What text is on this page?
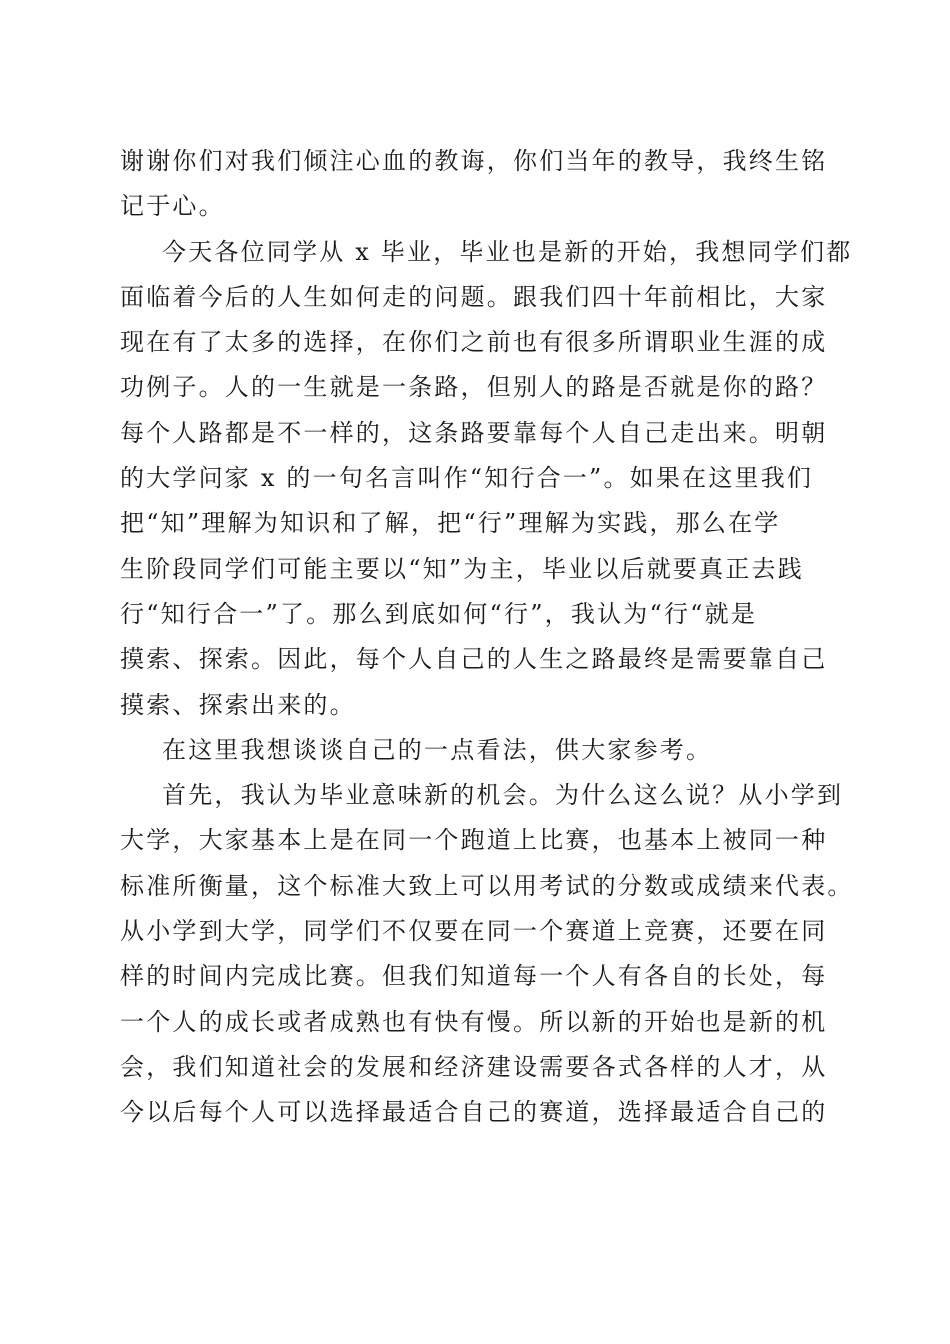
谢谢你们对我们倾注心血的教诲，你们当年的教导，我终生铭
记于心。
今天各位同学从 x 毕业，毕业也是新的开始，我想同学们都
面临着今后的人生如何走的问题。跟我们四十年前相比，大家
现在有了太多的选择，在你们之前也有很多所谓职业生涯的成
功例子。人的一生就是一条路，但别人的路是否就是你的路？
每个人路都是不一样的，这条路要靠每个人自己走出来。明朝
的大学问家 x 的一句名言叫作“知行合一”。如果在这里我们
把“知”理解为知识和了解，把“行”理解为实践，那么在学
生阶段同学们可能主要以“知”为主，毕业以后就要真正去践
行“知行合一”了。那么到底如何“行”，我认为“行“就是
摸索、探索。因此，每个人自己的人生之路最终是需要靠自己
摸索、探索出来的。
在这里我想谈谈自己的一点看法，供大家参考。
首先，我认为毕业意味新的机会。为什么这么说？从小学到
大学，大家基本上是在同一个跑道上比赛，也基本上被同一种
标准所衡量，这个标准大致上可以用考试的分数或成绩来代表。
从小学到大学，同学们不仅要在同一个赛道上竞赛，还要在同
样的时间内完成比赛。但我们知道每一个人有各自的长处，每
一个人的成长或者成熟也有快有慢。所以新的开始也是新的机
会，我们知道社会的发展和经济建设需要各式各样的人才，从
今以后每个人可以选择最适合自己的赛道，选择最适合自己的
